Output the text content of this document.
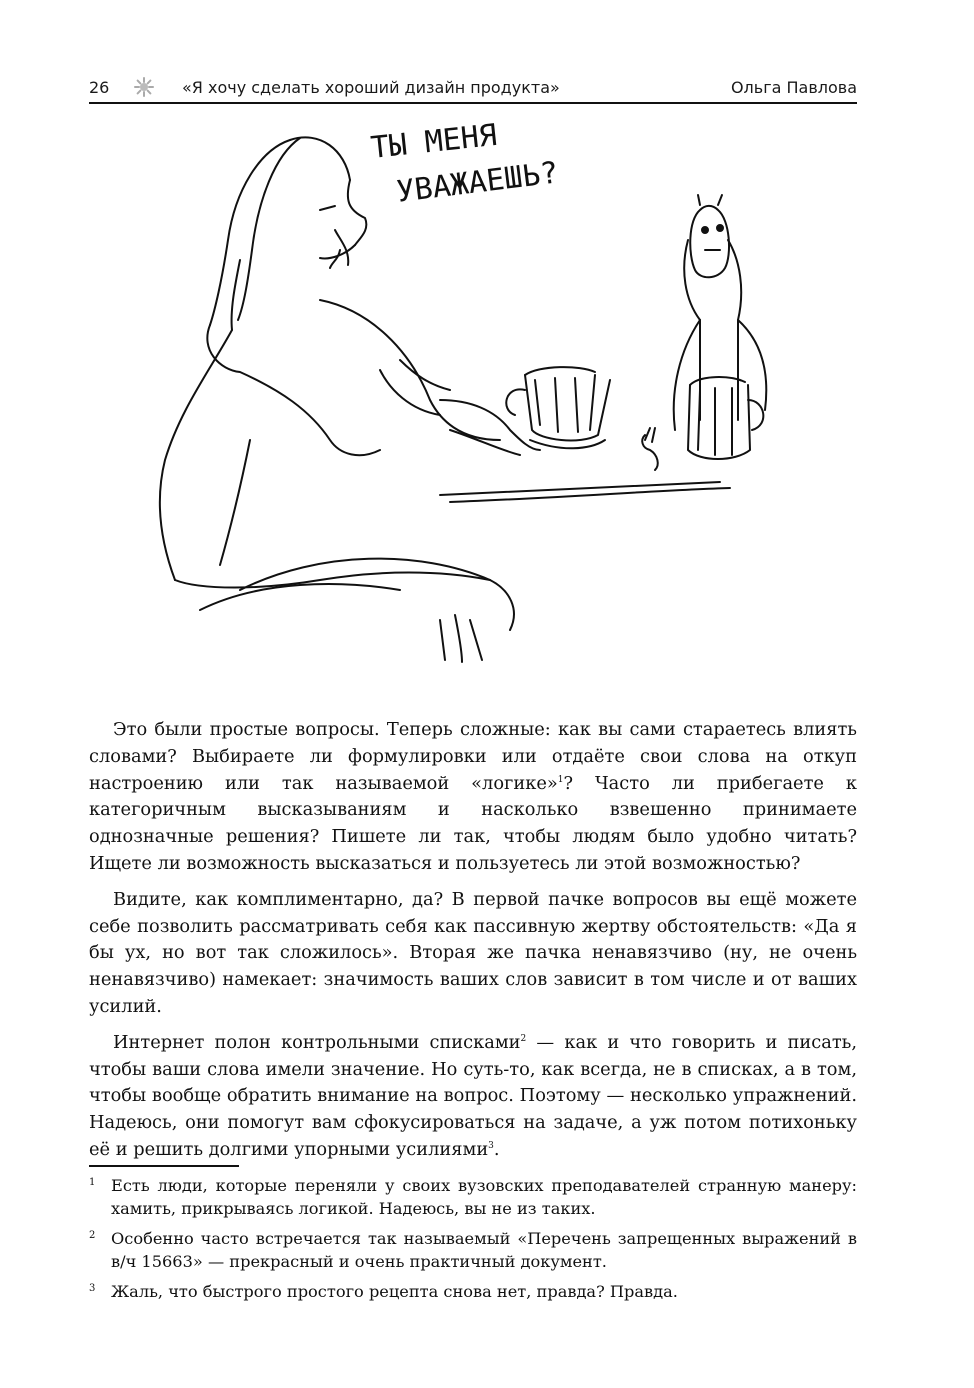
26	«Я хочу сделать хороший дизайн продукта»	Ольга Павлова
ТЫ МЕНЯ
УВАЖАЕШЬ?

Это были простые вопросы. Теперь сложные: как вы сами стараетесь влиять словами? Выбираете ли формулировки или отдаёте свои слова на откуп настроению или так называемой «логике»$^1$? Часто ли прибегаете к категоричным высказываниям и насколько взвешенно принимаете однозначные решения? Пишете ли так, чтобы людям было удобно читать? Ищете ли возможность высказаться и пользуетесь ли этой возможностью?

Видите, как комплиментарно, да? В первой пачке вопросов вы ещё можете себе позволить рассматривать себя как пассивную жертву обстоятельств: «Да я бы ух, но вот так сложилось». Вторая же пачка ненавязчиво (ну, не очень ненавязчиво) намекает: значимость ваших слов зависит в том числе и от ваших усилий.

Интернет полон контрольными списками$^2$ — как и что говорить и писать, чтобы ваши слова имели значение. Но суть-то, как всегда, не в списках, а в том, чтобы вообще обратить внимание на вопрос. Поэтому — несколько упражнений. Надеюсь, они помогут вам сфокусироваться на задаче, а уж потом потихоньку её и решить долгими упорными усилиями$^3$.

1 Есть люди, которые переняли у своих вузовских преподавателей странную манеру: хамить, прикрываясь логикой. Надеюсь, вы не из таких.
2 Особенно часто встречается так называемый «Перечень запрещенных выражений в в/ч 15663» — прекрасный и очень практичный документ.
3 Жаль, что быстрого простого рецепта снова нет, правда? Правда.
